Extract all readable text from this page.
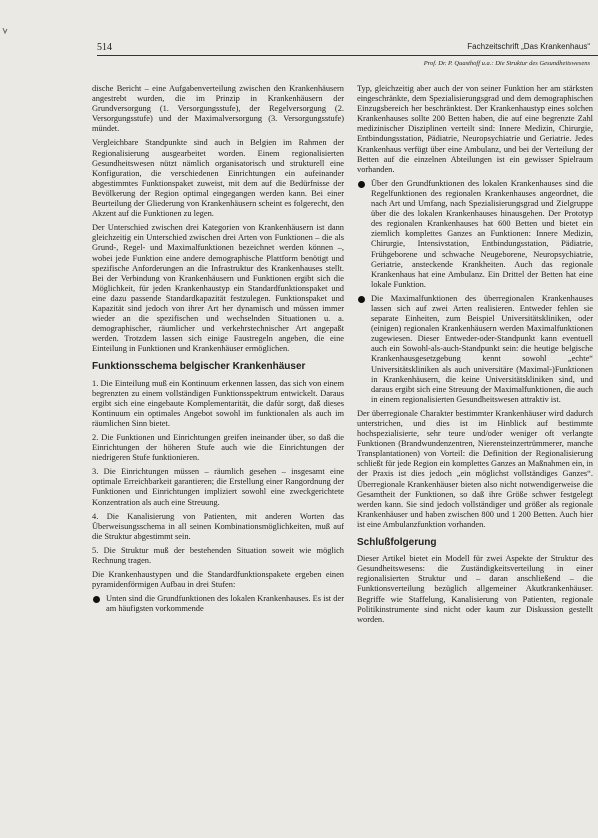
514	Fachzeitschrift „Das Krankenhaus“
Prof. Dr. P. Quasthoff u.a.: Die Struktur des Gesundheitswesens

dische Bericht – eine Aufgabenverteilung zwischen den Krankenhäusern angestrebt wurden, die im Prinzip in Krankenhäusern der Grundversorgung (1. Versorgungsstufe), der Regelversorgung (2. Versorgungsstufe) und der Maximalversorgung (3. Versorgungsstufe) mündet.

Vergleichbare Standpunkte sind auch in Belgien im Rahmen der Regionalisierung ausgearbeitet worden. Einem regionalisierten Gesundheitswesen nützt nämlich organisatorisch und strukturell eine Konfiguration, die verschiedenen Einrichtungen ein aufeinander abgestimmtes Funktionspaket zuweist, mit dem auf die Bedürfnisse der Bevölkerung der Region optimal eingegangen werden kann. Bei einer Beurteilung der Gliederung von Krankenhäusern scheint es folgerecht, den Akzent auf die Funktionen zu legen.

Der Unterschied zwischen drei Kategorien von Krankenhäusern ist dann gleichzeitig ein Unterschied zwischen drei Arten von Funktionen – die als Grund-, Regel- und Maximalfunktionen bezeichnet werden können –, wobei jede Funktion eine andere demographische Plattform benötigt und spezifische Anforderungen an die Infrastruktur des Krankenhauses stellt. Bei der Verbindung von Krankenhäusern und Funktionen ergibt sich die Möglichkeit, für jeden Krankenhaustyp ein Standardfunktionspaket und eine dazu passende Standardkapazität festzulegen. Funktionspaket und Kapazität sind jedoch von ihrer Art her dynamisch und müssen immer wieder an die spezifischen und wechselnden Situationen u. a. demographischer, räumlicher und verkehrstechnischer Art angepaßt werden. Trotzdem lassen sich einige Faustregeln angeben, die eine Einteilung in Funktionen und Krankenhäuser ermöglichen.

Funktionsschema belgischer Krankenhäuser

1. Die Einteilung muß ein Kontinuum erkennen lassen, das sich von einem begrenzten zu einem vollständigen Funktionsspektrum entwickelt. Daraus ergibt sich eine eingebaute Komplementarität, die dafür sorgt, daß dieses Kontinuum ein optimales Angebot sowohl im funktionalen als auch im räumlichen Sinn bietet.

2. Die Funktionen und Einrichtungen greifen ineinander über, so daß die Einrichtungen der höheren Stufe auch wie die Einrichtungen der niedrigeren Stufe funktionieren.

3. Die Einrichtungen müssen – räumlich gesehen – insgesamt eine optimale Erreichbarkeit garantieren; die Erstellung einer Rangordnung der Funktionen und Einrichtungen impliziert sowohl eine zweckgerichtete Konzentration als auch eine Streuung.

4. Die Kanalisierung von Patienten, mit anderen Worten das Überweisungsschema in all seinen Kombinationsmöglichkeiten, muß auf die Struktur abgestimmt sein.

5. Die Struktur muß der bestehenden Situation soweit wie möglich Rechnung tragen.

Die Krankenhaustypen und die Standardfunktionspakete ergeben einen pyramidenförmigen Aufbau in drei Stufen:

Unten sind die Grundfunktionen des lokalen Krankenhauses. Es ist der am häufigsten vorkommende

Typ, gleichzeitig aber auch der von seiner Funktion her am stärksten eingeschränkte, dem Spezialisierungsgrad und dem demographischen Einzugsbereich her beschränktest. Der Krankenhaustyp eines solchen Krankenhauses sollte 200 Betten haben, die auf eine begrenzte Zahl medizinischer Disziplinen verteilt sind: Innere Medizin, Chirurgie, Entbindungsstation, Pädiatrie, Neuropsychiatrie und Geriatrie. Jedes Krankenhaus verfügt über eine Ambulanz, und bei der Verteilung der Betten auf die einzelnen Abteilungen ist ein gewisser Spielraum vorhanden.

Über den Grundfunktionen des lokalen Krankenhauses sind die Regelfunktionen des regionalen Krankenhauses angeordnet, die nach Art und Umfang, nach Spezialisierungsgrad und Zielgruppe über die des lokalen Krankenhauses hinausgehen. Der Prototyp des regionalen Krankenhauses hat 600 Betten und bietet ein ziemlich komplettes Ganzes an Funktionen: Innere Medizin, Chirurgie, Intensivstation, Entbindungsstation, Pädiatrie, Frühgeborene und schwache Neugeborene, Neuropsychiatrie, Geriatrie, ansteckende Krankheiten. Auch das regionale Krankenhaus hat eine Ambulanz. Ein Drittel der Betten hat eine lokale Funktion.
Die Maximalfunktionen des überregionalen Krankenhauses lassen sich auf zwei Arten realisieren. Entweder fehlen sie separate Einheiten, zum Beispiel Universitätskliniken, oder (einigen) regionalen Krankenhäusern werden Maximalfunktionen zugewiesen. Dieser Entweder-oder-Standpunkt kann eventuell auch ein Sowohl-als-auch-Standpunkt sein: die heutige belgische Krankenhausgesetzgebung kennt sowohl „echte“ Universitätskliniken als auch universitäre (Maximal-)Funktionen in Krankenhäusern, die keine Universitätskliniken sind, und daraus ergibt sich eine Streuung der Maximalfunktionen, die auch in einem regionalisierten Gesundheitswesen attraktiv ist.

Der überregionale Charakter bestimmter Krankenhäuser wird dadurch unterstrichen, und dies ist im Hinblick auf bestimmte hochspezialisierte, sehr teure und/oder weniger oft verlangte Funktionen (Brandwundenzentren, Nierensteinzertrümmerer, manche Transplantationen) von Vorteil: die Definition der Regionalisierung schließt für jede Region ein komplettes Ganzes an Maßnahmen ein, in der Praxis ist dies jedoch „ein möglichst vollständiges Ganzes“. Überregionale Krankenhäuser bieten also nicht notwendigerweise die Gesamtheit der Funktionen, so daß ihre Größe schwer festgelegt werden kann. Sie sind jedoch vollständiger und größer als regionale Krankenhäuser und haben zwischen 800 und 1 200 Betten. Auch hier ist eine Ambulanzfunktion vorhanden.

Schlußfolgerung

Dieser Artikel bietet ein Modell für zwei Aspekte der Struktur des Gesundheitswesens: die Zuständigkeitsverteilung in einer regionalisierten Struktur und – daran anschließend – die Funktionsverteilung bezüglich allgemeiner Akutkrankenhäuser. Begriffe wie Staffelung, Kanalisierung von Patienten, regionale Politikinstrumente sind nicht oder kaum zur Diskussion gestellt worden.
